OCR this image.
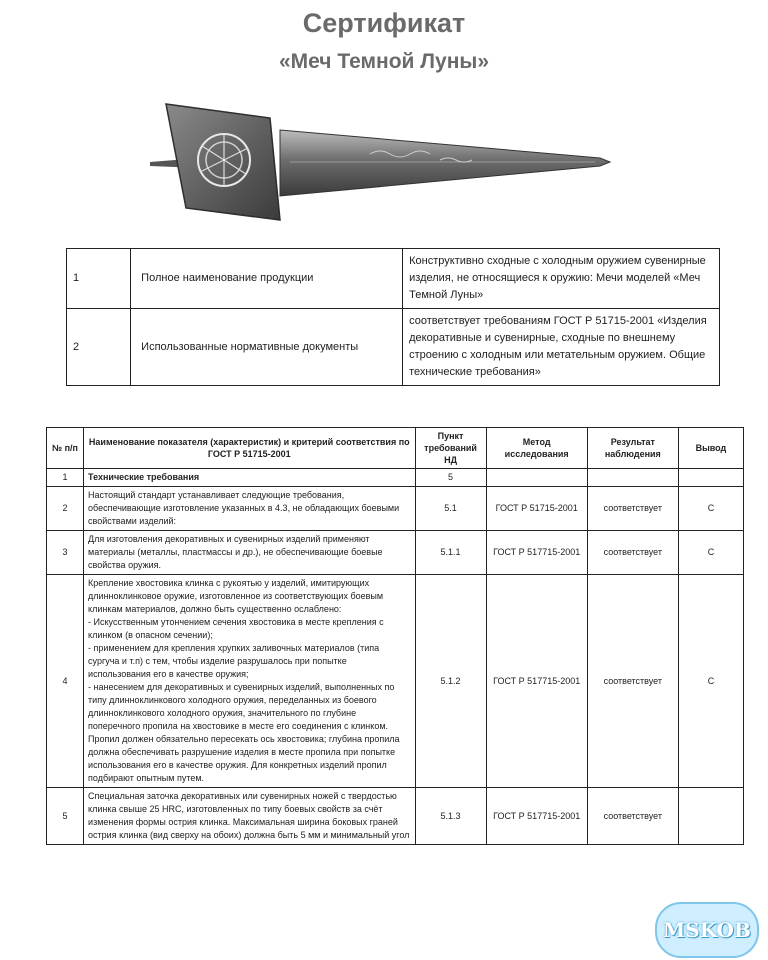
Сертификат
«Меч Темной Луны»
1	Полное наименование продукции	Конструктивно сходные с холодным оружием сувенирные изделия, не относящиеся к оружию: Мечи моделей «Меч Темной Луны»
2	Использованные нормативные документы	соответствует требованиям ГОСТ Р 51715-2001 «Изделия декоративные и сувенирные, сходные по внешнему строению с холодным или метательным оружием. Общие технические требования»
№ п/п	Наименование показателя (характеристик) и критерий соответствия по ГОСТ Р 51715-2001	Пункт требований НД	Метод исследования	Результат наблюдения	Вывод
1	Технические требования	5			
2	Настоящий стандарт устанавливает следующие требования, обеспечивающие изготовление указанных в 4.3, не обладающих боевыми свойствами изделий:	5.1	ГОСТ Р 51715-2001	соответствует	С
3	Для изготовления декоративных и сувенирных изделий применяют материалы (металлы, пластмассы и др.), не обеспечивающие боевые свойства оружия.	5.1.1	ГОСТ Р 517715-2001	соответствует	С
4	Крепление хвостовика клинка с рукоятью у изделий, имитирующих длинноклинковое оружие, изготовленное из соответствующих боевым клинкам материалов, должно быть существенно ослаблено:
- Искусственным утончением сечения хвостовика в месте крепления с клинком (в опасном сечении);
- применением для крепления хрупких заливочных материалов (типа сургуча и т.п) с тем, чтобы изделие разрушалось при попытке использования его в качестве оружия;
- нанесением для декоративных и сувенирных изделий, выполненных по типу длинноклинкового холодного оружия, переделанных из боевого длинноклинкового холодного оружия, значительного по глубине поперечного пропила на хвостовике в месте его соединения с клинком. Пропил должен обязательно пересекать ось хвостовика; глубина пропила должна обеспечивать разрушение изделия в месте пропила при попытке использования его в качестве оружия. Для конкретных изделий пропил подбирают опытным путем.	5.1.2	ГОСТ Р 517715-2001	соответствует	С
5	Специальная заточка декоративных или сувенирных ножей с твердостью клинка свыше 25 HRC, изготовленных по типу боевых свойств за счёт изменения формы острия клинка. Максимальная ширина боковых граней острия клинка (вид сверху на обоих) должна быть 5 мм и минимальный угол	5.1.3	ГОСТ Р 517715-2001	соответствует	
MSKOB
